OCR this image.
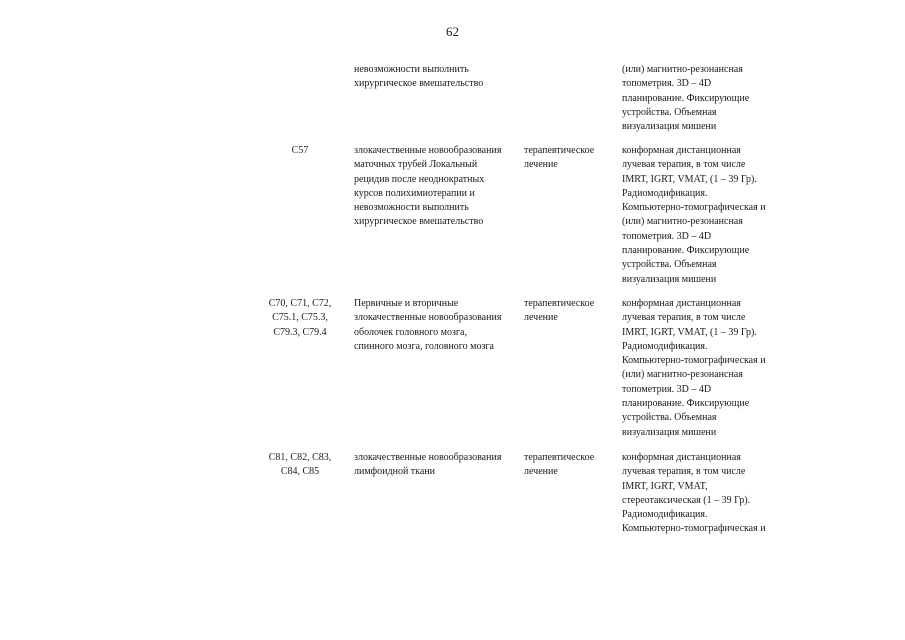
62
невозможности выполнить
хирургическое вмешательство
(или) магнитно-резонансная
топометрия. 3D – 4D
планирование. Фиксирующие
устройства. Объемная
визуализация мишени
C57	злокачественные новообразования
маточных трубей Локальный
рецидив после неоднократных
курсов полихимиотерапии и
невозможности выполнить
хирургическое вмешательство
терапевтическое
лечение
конформная дистанционная
лучевая терапия, в том числе
IMRT, IGRT, VMAT, (1 – 39 Гр).
Радиомодификация.
Компьютерно-томографическая и
(или) магнитно-резонансная
топометрия. 3D – 4D
планирование. Фиксирующие
устройства. Объемная
визуализация мишени
C70, C71, C72,
C75.1, C75.3,
C79.3, C79.4
Первичные и вторичные
злокачественные новообразования
оболочек головного мозга,
спинного мозга, головного мозга
терапевтическое
лечение
конформная дистанционная
лучевая терапия, в том числе
IMRT, IGRT, VMAT, (1 – 39 Гр).
Радиомодификация.
Компьютерно-томографическая и
(или) магнитно-резонансная
топометрия. 3D – 4D
планирование. Фиксирующие
устройства. Объемная
визуализация мишени
C81, C82, C83,
C84, C85
злокачественные новообразования
лимфоидной ткани
терапевтическое
лечение
конформная дистанционная
лучевая терапия, в том числе
IMRT, IGRT, VMAT,
стереотаксическая (1 – 39 Гр).
Радиомодификация.
Компьютерно-томографическая и
